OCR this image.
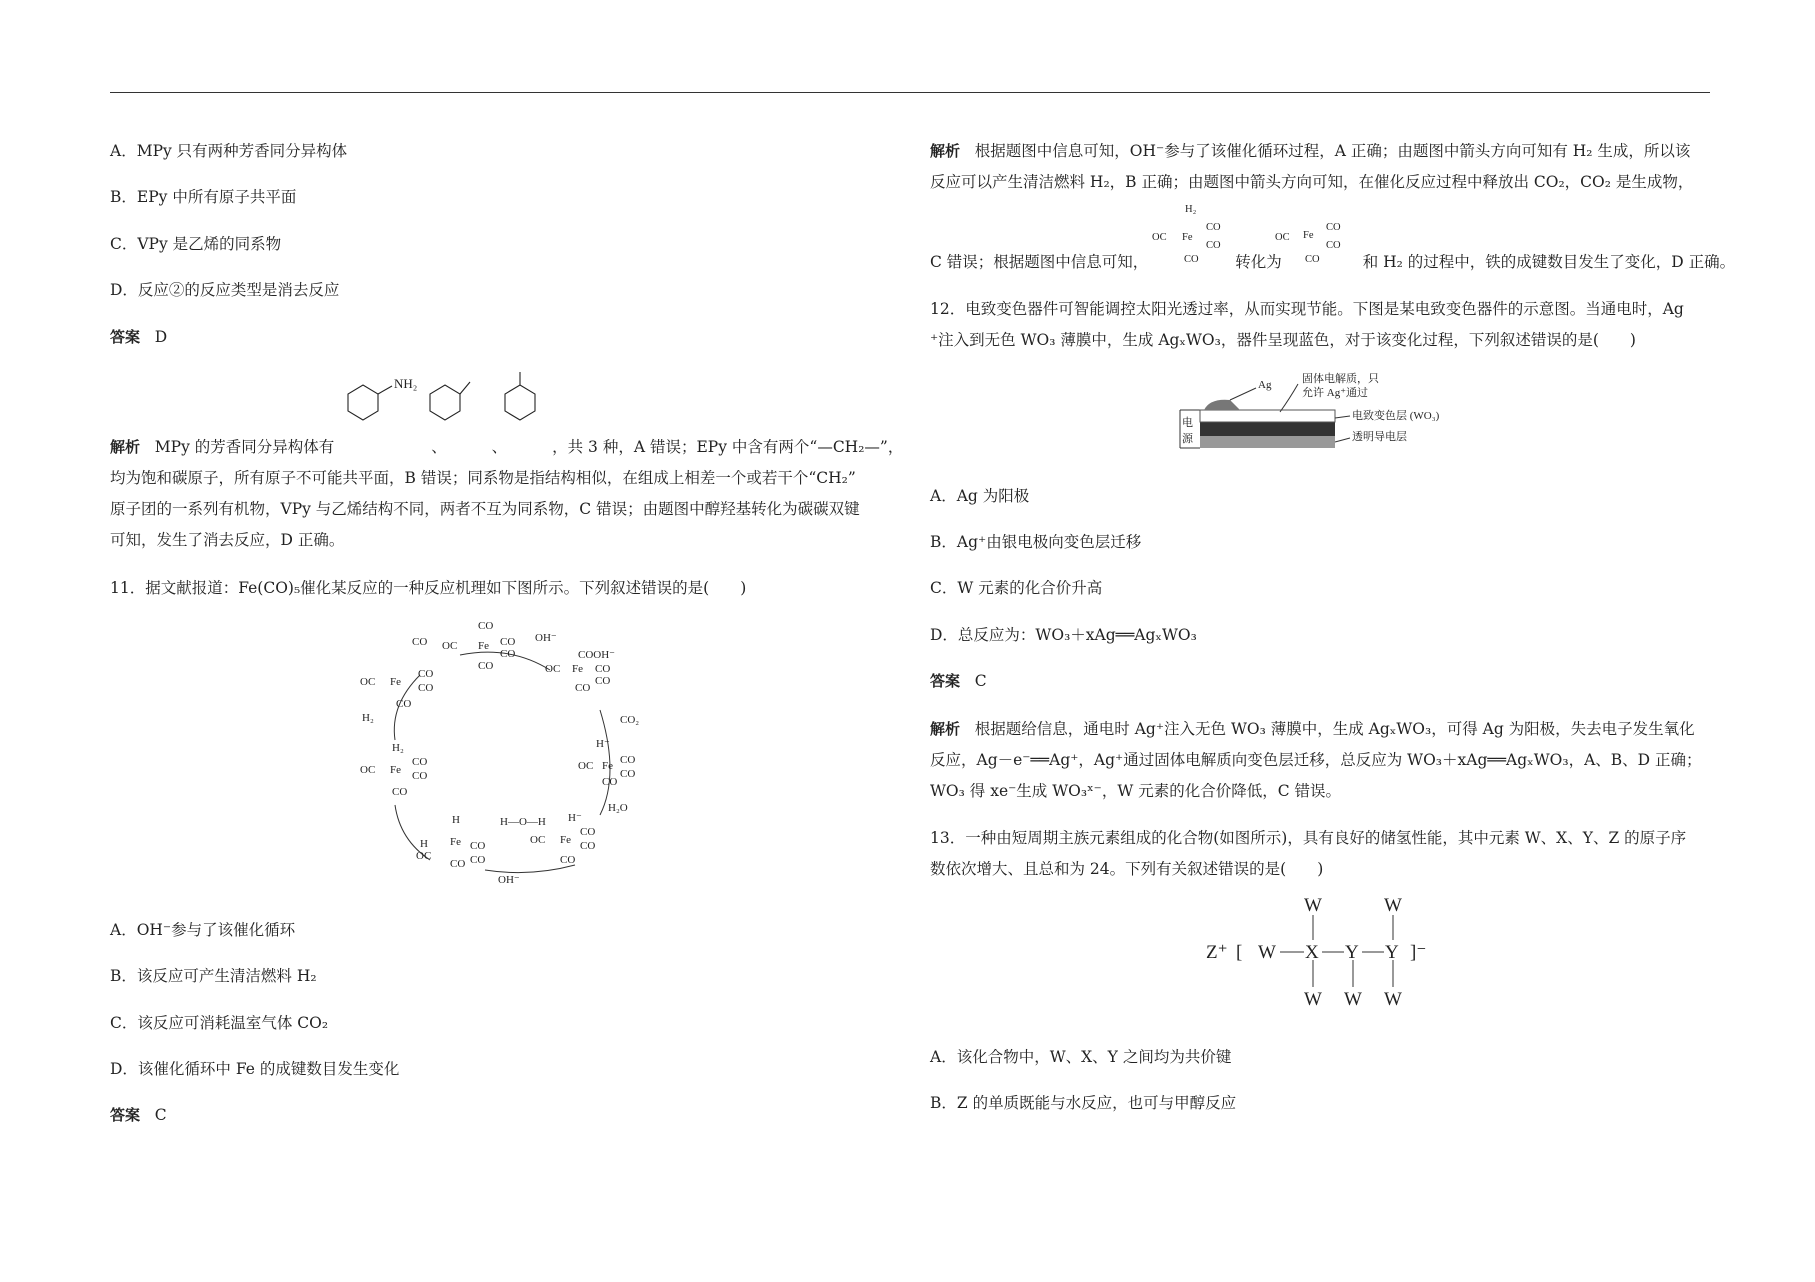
A．MPy 只有两种芳香同分异构体
B．EPy 中所有原子共平面
C．VPy 是乙烯的同系物
D．反应②的反应类型是消去反应
答案 D
NH₂
解析 MPy 的芳香同分异构体有	、	、	，共 3 种，A 错误；EPy 中含有两个“—CH₂—”，
均为饱和碳原子，所有原子不可能共平面，B 错误；同系物是指结构相似，在组成上相差一个或若干个“CH₂”
原子团的一系列有机物，VPy 与乙烯结构不同，两者不互为同系物，C 错误；由题图中醇羟基转化为碳碳双键
可知，发生了消去反应，D 正确。
11．据文献报道：Fe(CO)₅催化某反应的一种反应机理如下图所示。下列叙述错误的是(　　)
CO
OC Fe CO
CO
CO
OH⁻
OC Fe
COOH⁻
CO
CO
CO
CO₂
H⁻
OC Fe CO
CO
CO
H₂O
H⁻
OC Fe
CO
CO
CO
H—O—H
OH⁻
H
H
OC
Fe CO
CO
CO
H₂
OC Fe
CO
CO
CO
H₂
CO
OC Fe
CO
CO
CO
A．OH⁻参与了该催化循环
B．该反应可产生清洁燃料 H₂
C．该反应可消耗温室气体 CO₂
D．该催化循环中 Fe 的成键数目发生变化
答案 C
解析 根据题图中信息可知，OH⁻参与了该催化循环过程，A 正确；由题图中箭头方向可知有 H₂ 生成，所以该
反应可以产生清洁燃料 H₂，B 正确；由题图中箭头方向可知，在催化反应过程中释放出 CO₂，CO₂ 是生成物，
H₂
OC Fe
CO
CO
CO
OC Fe
CO
CO
CO
C 错误；根据题图中信息可知，	转化为	和 H₂ 的过程中，铁的成键数目发生了变化，D 正确。
12．电致变色器件可智能调控太阳光透过率，从而实现节能。下图是某电致变色器件的示意图。当通电时，Ag
⁺注入到无色 WO₃ 薄膜中，生成 AgₓWO₃，器件呈现蓝色，对于该变化过程，下列叙述错误的是(　　)
Ag
电
源
固体电解质，只
允许 Ag⁺通过
电致变色层 (WO₃)
透明导电层
A．Ag 为阳极
B．Ag⁺由银电极向变色层迁移
C．W 元素的化合价升高
D．总反应为：WO₃＋xAg══AgₓWO₃
答案 C
解析 根据题给信息，通电时 Ag⁺注入无色 WO₃ 薄膜中，生成 AgₓWO₃，可得 Ag 为阳极，失去电子发生氧化
反应，Ag－e⁻══Ag⁺，Ag⁺通过固体电解质向变色层迁移，总反应为 WO₃＋xAg══AgₓWO₃，A、B、D 正确；
WO₃ 得 xe⁻生成 WO₃ˣ⁻，W 元素的化合价降低，C 错误。
13．一种由短周期主族元素组成的化合物(如图所示)，具有良好的储氢性能，其中元素 W、X、Y、Z 的原子序
数依次增大、且总和为 24。下列有关叙述错误的是(　　)
Z⁺ [	]⁻
W X Y Y
W	W
W W W
A．该化合物中，W、X、Y 之间均为共价键
B．Z 的单质既能与水反应，也可与甲醇反应
